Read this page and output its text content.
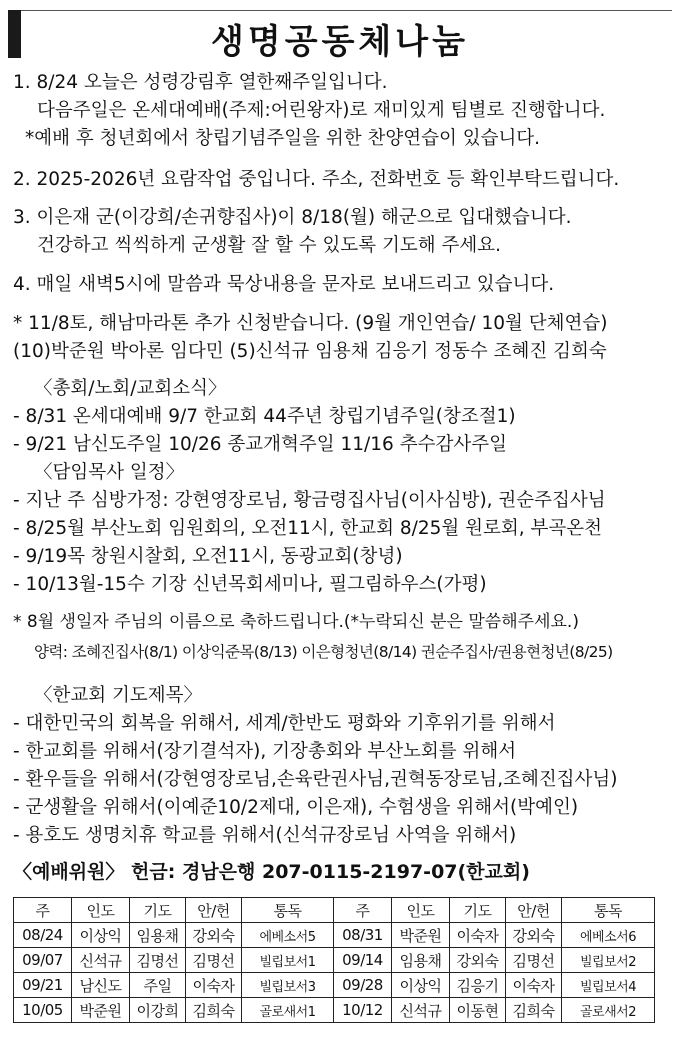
생명공동체나눔
1. 8/24 오늘은 성령강림후 열한째주일입니다.
다음주일은 온세대예배(주제:어린왕자)로 재미있게 팀별로 진행합니다.
*예배 후 청년회에서 창립기념주일을 위한 찬양연습이 있습니다.
2. 2025-2026년 요람작업 중입니다. 주소, 전화번호 등 확인부탁드립니다.
3. 이은재 군(이강희/손귀향집사)이 8/18(월) 해군으로 입대했습니다.
건강하고 씩씩하게 군생활 잘 할 수 있도록 기도해 주세요.
4. 매일 새벽5시에 말씀과 묵상내용을 문자로 보내드리고 있습니다.
* 11/8토, 해남마라톤 추가 신청받습니다. (9월 개인연습/ 10월 단체연습)
(10)박준원 박아론 임다민 (5)신석규 임용채 김응기 정동수 조혜진 김희숙
〈총회/노회/교회소식〉
- 8/31 온세대예배 9/7 한교회 44주년 창립기념주일(창조절1)
- 9/21 남신도주일 10/26 종교개혁주일 11/16 추수감사주일
〈담임목사 일정〉
- 지난 주 심방가정: 강현영장로님, 황금령집사님(이사심방), 권순주집사님
- 8/25월 부산노회 임원회의, 오전11시, 한교회 8/25월 원로회, 부곡온천
- 9/19목 창원시찰회, 오전11시, 동광교회(창녕)
- 10/13월-15수 기장 신년목회세미나, 필그림하우스(가평)
* 8월 생일자 주님의 이름으로 축하드립니다.(*누락되신 분은 말씀해주세요.)
양력: 조혜진집사(8/1) 이상익준목(8/13) 이은형청년(8/14) 권순주집사/권용현청년(8/25)
〈한교회 기도제목〉
- 대한민국의 회복을 위해서, 세계/한반도 평화와 기후위기를 위해서
- 한교회를 위해서(장기결석자), 기장총회와 부산노회를 위해서
- 환우들을 위해서(강현영장로님,손육란권사님,권혁동장로님,조혜진집사님)
- 군생활을 위해서(이예준10/2제대, 이은재), 수험생을 위해서(박예인)
- 용호도 생명치휴 학교를 위해서(신석규장로님 사역을 위해서)
〈예배위원〉 헌금: 경남은행 207-0115-2197-07(한교회)
주	인도	기도	안/헌	통독	주	인도	기도	안/헌	통독
08/24	이상익	임용채	강외숙	에베소서5	08/31	박준원	이숙자	강외숙	에베소서6
09/07	신석규	김명선	김명선	빌립보서1	09/14	임용채	강외숙	김명선	빌립보서2
09/21	남신도	주일	이숙자	빌립보서3	09/28	이상익	김응기	이숙자	빌립보서4
10/05	박준원	이강희	김희숙	골로새서1	10/12	신석규	이동현	김희숙	골로새서2
